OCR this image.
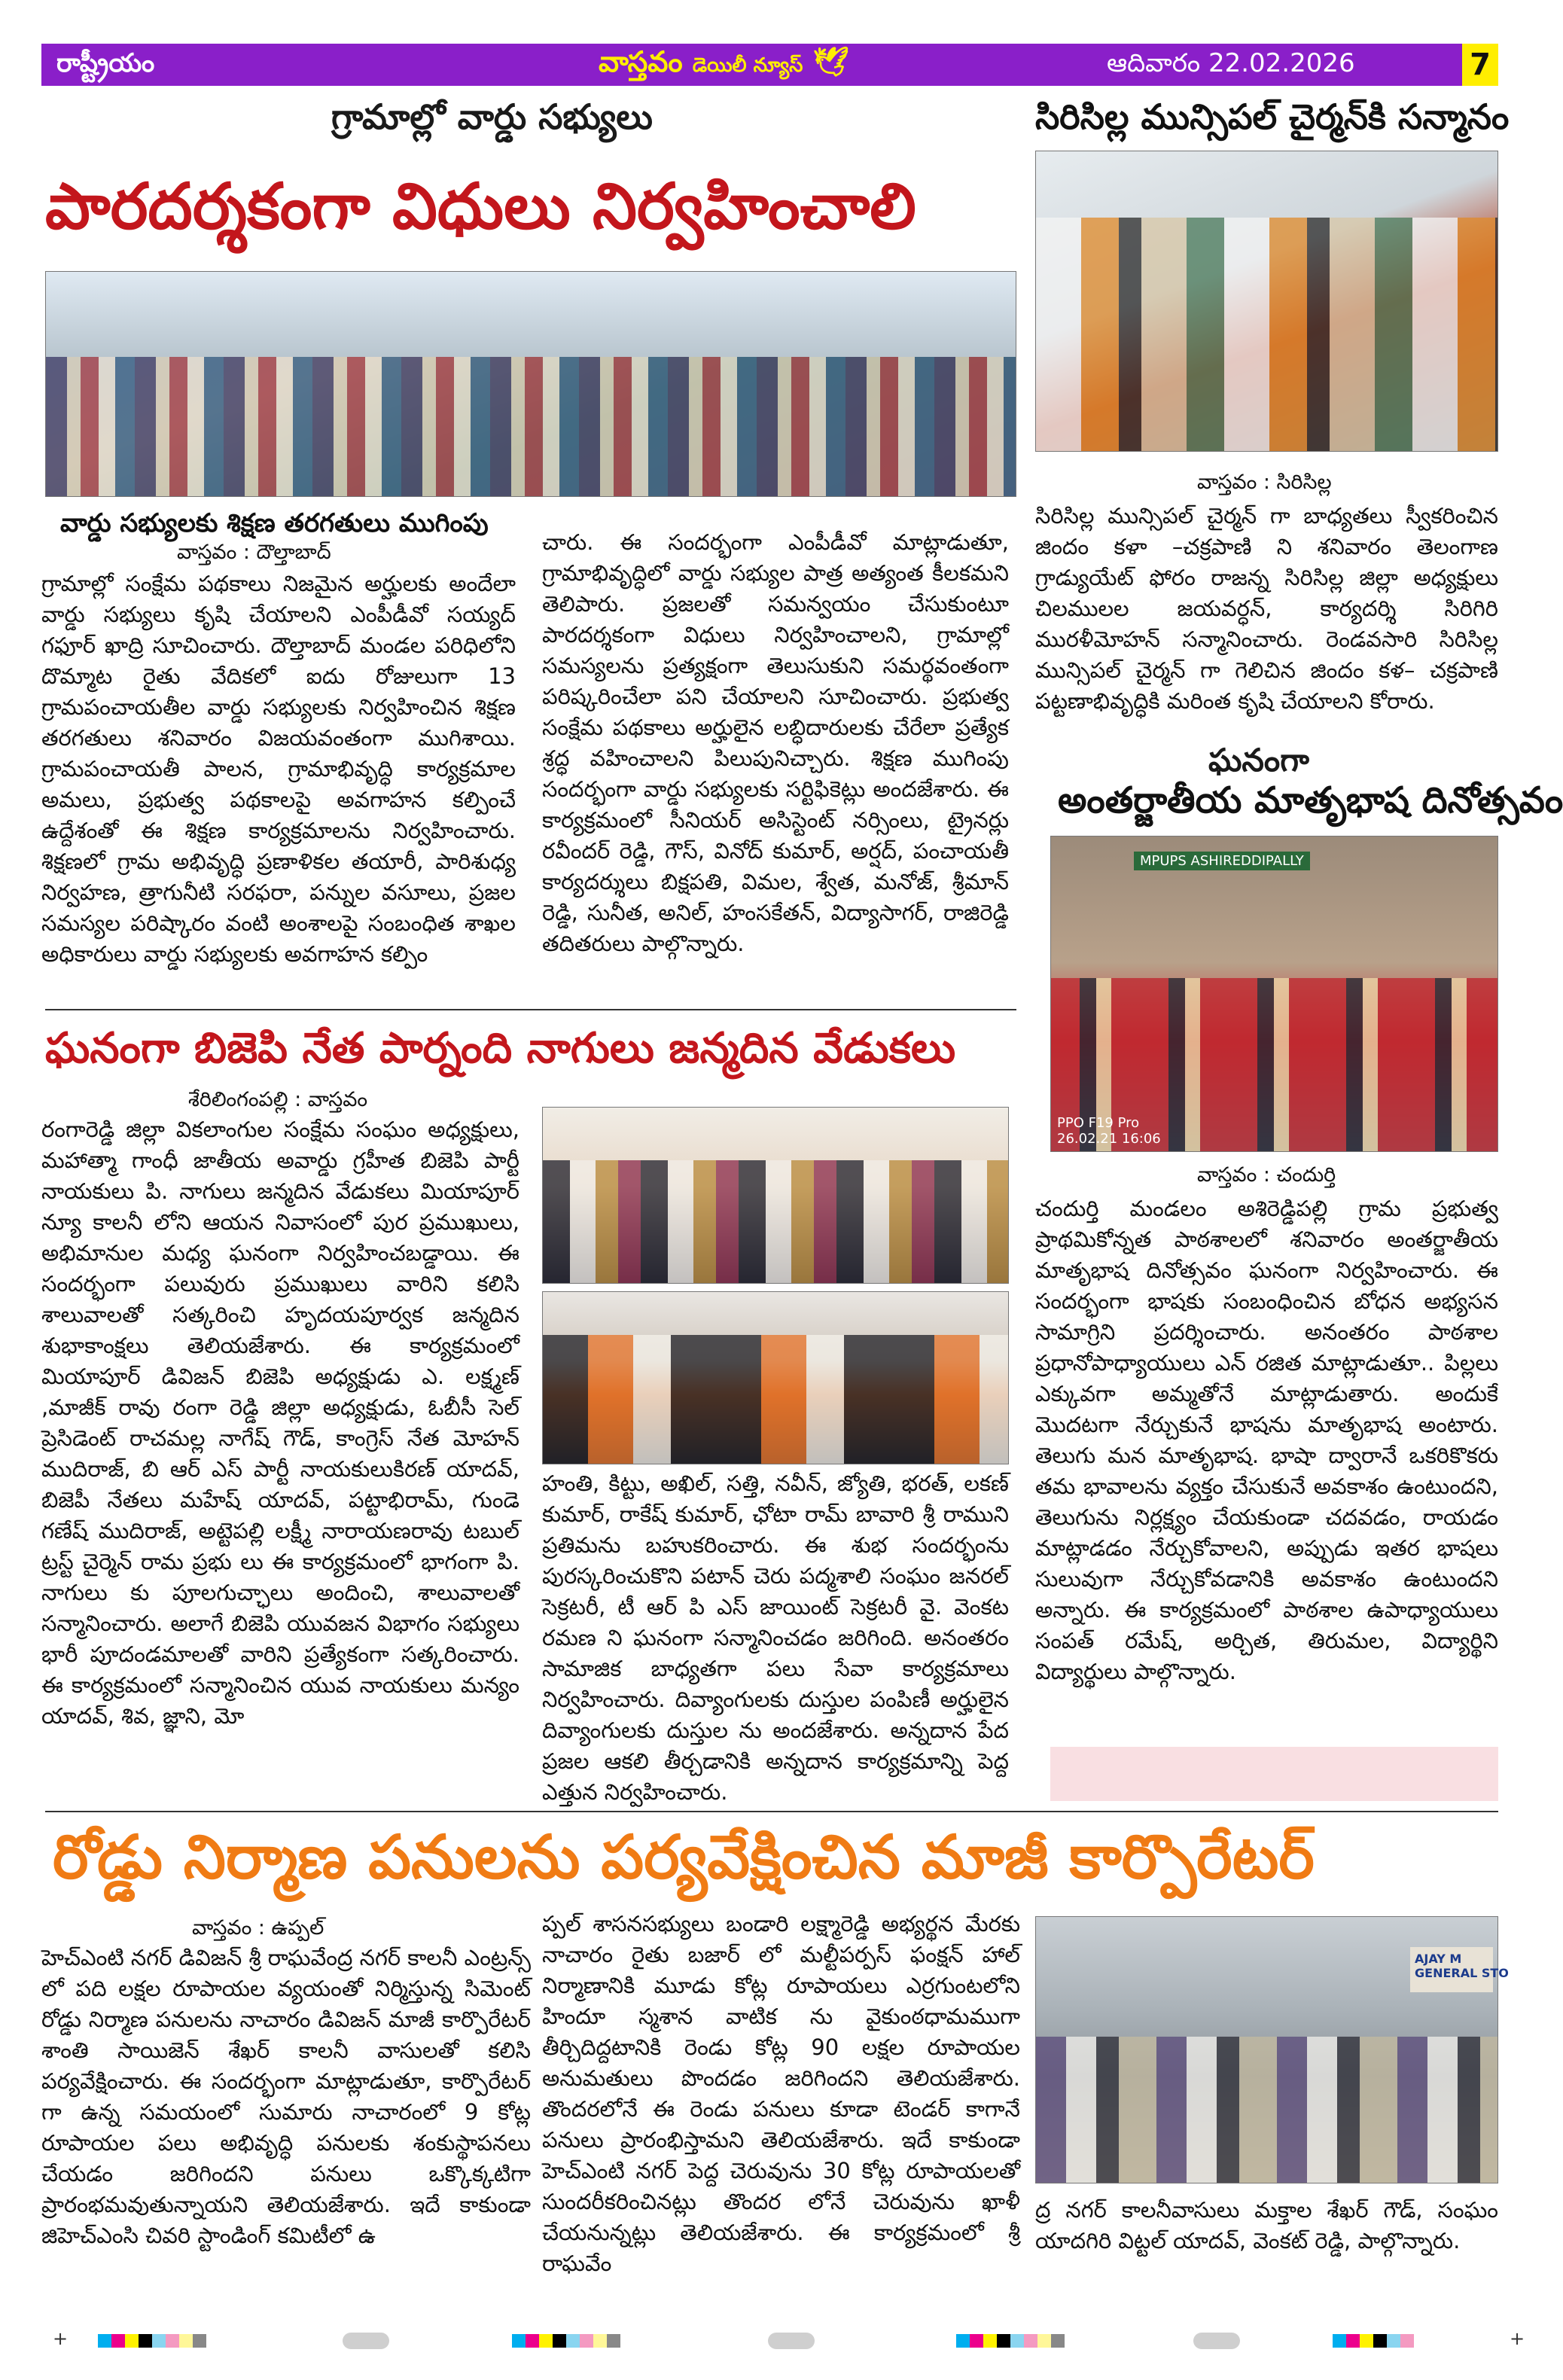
రాష్ట్రీయం	వాస్తవం డెయిలీ న్యూస్ 🕊	ఆదివారం 22.02.2026	7
గ్రామాల్లో వార్డు సభ్యులు
పారదర్శకంగా విధులు నిర్వహించాలి
వార్డు సభ్యులకు శిక్షణ తరగతులు ముగింపు
వాస్తవం : దౌల్తాబాద్
గ్రామాల్లో సంక్షేమ పథకాలు నిజమైన అర్హులకు అందేలా వార్డు సభ్యులు కృషి చేయాలని ఎంపీడీవో సయ్యద్ గఫూర్ ఖాద్రి సూచించారు. దౌల్తాబాద్ మండల పరిధిలోని దొమ్మాట రైతు వేదికలో ఐదు రోజులుగా 13 గ్రామపంచాయతీల వార్డు సభ్యులకు నిర్వహించిన శిక్షణ తరగతులు శనివారం విజయవంతంగా ముగిశాయి. గ్రామపంచాయతీ పాలన, గ్రామాభివృద్ధి కార్యక్రమాల అమలు, ప్రభుత్వ పథకాలపై అవగాహన కల్పించే ఉద్దేశంతో ఈ శిక్షణ కార్యక్రమాలను నిర్వహించారు. శిక్షణలో గ్రామ అభివృద్ధి ప్రణాళికల తయారీ, పారిశుధ్య నిర్వహణ, త్రాగునీటి సరఫరా, పన్నుల వసూలు, ప్రజల సమస్యల పరిష్కారం వంటి అంశాలపై సంబంధిత శాఖల అధికారులు వార్డు సభ్యులకు అవగాహన కల్పిం
చారు. ఈ సందర్భంగా ఎంపీడీవో మాట్లాడుతూ, గ్రామాభివృద్ధిలో వార్డు సభ్యుల పాత్ర అత్యంత కీలకమని తెలిపారు. ప్రజలతో సమన్వయం చేసుకుంటూ పారదర్శకంగా విధులు నిర్వహించాలని, గ్రామాల్లో సమస్యలను ప్రత్యక్షంగా తెలుసుకుని సమర్థవంతంగా పరిష్కరించేలా పని చేయాలని సూచించారు. ప్రభుత్వ సంక్షేమ పథకాలు అర్హులైన లబ్ధిదారులకు చేరేలా ప్రత్యేక శ్రద్ధ వహించాలని పిలుపునిచ్చారు. శిక్షణ ముగింపు సందర్భంగా వార్డు సభ్యులకు సర్టిఫికెట్లు అందజేశారు. ఈ కార్యక్రమంలో సీనియర్ అసిస్టెంట్ నర్సింలు, ట్రైనర్లు రవీందర్ రెడ్డి, గౌస్, వినోద్ కుమార్, అర్షద్, పంచాయతీ కార్యదర్శులు బిక్షపతి, విమల, శ్వేత, మనోజ్, శ్రీమాన్ రెడ్డి, సునీత, అనిల్, హంసకేతన్, విద్యాసాగర్, రాజిరెడ్డి తదితరులు పాల్గొన్నారు.
సిరిసిల్ల మున్సిపల్ చైర్మన్‌కి సన్మానం
వాస్తవం : సిరిసిల్ల
సిరిసిల్ల మున్సిపల్ చైర్మన్ గా బాధ్యతలు స్వీకరించిన జిందం కళా –చక్రపాణి ని శనివారం తెలంగాణ గ్రాడ్యుయేట్ ఫోరం రాజన్న సిరిసిల్ల జిల్లా అధ్యక్షులు చిలములల జయవర్ధన్, కార్యదర్శి సిరిగిరి మురళీమోహన్ సన్మానించారు. రెండవసారి సిరిసిల్ల మున్సిపల్ చైర్మన్ గా గెలిచిన జిందం కళ– చక్రపాణి పట్టణాభివృద్ధికి మరింత కృషి చేయాలని కోరారు.
ఘనంగా
అంతర్జాతీయ మాతృభాష దినోత్సవం
MPUPS ASHIREDDIPALLY
PPO F19 Pro
26.02.21 16:06
వాస్తవం : చందుర్తి
చందుర్తి మండలం అశిరెడ్డిపల్లి గ్రామ ప్రభుత్వ ప్రాథమికోన్నత పాఠశాలలో శనివారం అంతర్జాతీయ మాతృభాష దినోత్సవం ఘనంగా నిర్వహించారు. ఈ సందర్భంగా భాషకు సంబంధించిన బోధన అభ్యసన సామాగ్రిని ప్రదర్శించారు. అనంతరం పాఠశాల ప్రధానోపాధ్యాయులు ఎన్ రజిత మాట్లాడుతూ.. పిల్లలు ఎక్కువగా అమ్మతోనే మాట్లాడుతారు. అందుకే మొదటగా నేర్చుకునే భాషను మాతృభాష అంటారు. తెలుగు మన మాతృభాష. భాషా ద్వారానే ఒకరికొకరు తమ భావాలను వ్యక్తం చేసుకునే అవకాశం ఉంటుందని, తెలుగును నిర్లక్ష్యం చేయకుండా చదవడం, రాయడం మాట్లాడడం నేర్చుకోవాలని, అప్పుడు ఇతర భాషలు సులువుగా నేర్చుకోవడానికి అవకాశం ఉంటుందని అన్నారు. ఈ కార్యక్రమంలో పాఠశాల ఉపాధ్యాయులు సంపత్ రమేష్, అర్చిత, తిరుమల, విద్యార్థిని విద్యార్థులు పాల్గొన్నారు.
ఘనంగా బిజెపి నేత పార్నంది నాగులు జన్మదిన వేడుకలు
శేరిలింగంపల్లి : వాస్తవం
రంగారెడ్డి జిల్లా వికలాంగుల సంక్షేమ సంఘం అధ్యక్షులు, మహాత్మా గాంధీ జాతీయ అవార్డు గ్రహీత బిజెపి పార్టీ నాయకులు పి. నాగులు జన్మదిన వేడుకలు మియాపూర్ న్యూ కాలనీ లోని ఆయన నివాసంలో పుర ప్రముఖులు, అభిమానుల మధ్య ఘనంగా నిర్వహించబడ్డాయి. ఈ సందర్భంగా పలువురు ప్రముఖులు వారిని కలిసి శాలువాలతో సత్కరించి హృదయపూర్వక జన్మదిన శుభాకాంక్షలు తెలియజేశారు. ఈ కార్యక్రమంలో మియాపూర్ డివిజన్ బిజెపి అధ్యక్షుడు ఎ. లక్ష్మణ్ ,మాజీక్ రావు రంగా రెడ్డి జిల్లా అధ్యక్షుడు, ఓబీసీ సెల్ ప్రెసిడెంట్ రాచమల్ల నాగేష్ గౌడ్, కాంగ్రెస్ నేత మోహన్ ముదిరాజ్, బి ఆర్ ఎస్ పార్టీ నాయకులుకిరణ్ యాదవ్, బిజెపీ నేతలు మహేష్ యాదవ్, పట్టాభిరామ్, గుండె గణేష్ ముదిరాజ్, అట్టెపల్లి లక్ష్మీ నారాయణరావు టబుల్ ట్రస్ట్ చైర్మెన్ రామ ప్రభు లు ఈ కార్యక్రమంలో భాగంగా పి. నాగులు కు పూలగుచ్ఛాలు అందించి, శాలువాలతో సన్మానించారు. అలాగే బిజెపి యువజన విభాగం సభ్యులు భారీ పూదండమాలతో వారిని ప్రత్యేకంగా సత్కరించారు. ఈ కార్యక్రమంలో సన్మానించిన యువ నాయకులు మన్యం యాదవ్, శివ, జ్ఞాని, మో
హంతి, కిట్టు, అఖిల్, సత్తి, నవీన్, జ్యోతి, భరత్, లకణ్ కుమార్, రాకేష్ కుమార్, ఛోటా రామ్ బావారి శ్రీ రాముని ప్రతిమను బహుకరించారు. ఈ శుభ సందర్భంను పురస్కరించుకొని పటాన్ చెరు పద్మశాలి సంఘం జనరల్ సెక్రటరీ, టీ ఆర్ పి ఎస్ జాయింట్ సెక్రటరీ వై. వెంకట రమణ ని ఘనంగా సన్మానించడం జరిగింది. అనంతరం సామాజిక బాధ్యతగా పలు సేవా కార్యక్రమాలు నిర్వహించారు. దివ్యాంగులకు దుస్తుల పంపిణీ అర్హులైన దివ్యాంగులకు దుస్తుల ను అందజేశారు. అన్నదాన పేద ప్రజల ఆకలి తీర్చడానికి అన్నదాన కార్యక్రమాన్ని పెద్ద ఎత్తున నిర్వహించారు.
రోడ్డు నిర్మాణ పనులను పర్యవేక్షించిన మాజీ కార్పొరేటర్
వాస్తవం : ఉప్పల్
హెచ్ఎంటి నగర్ డివిజన్ శ్రీ రాఘవేంద్ర నగర్ కాలనీ ఎంట్రన్స్ లో పది లక్షల రూపాయల వ్యయంతో నిర్మిస్తున్న సిమెంట్ రోడ్డు నిర్మాణ పనులను నాచారం డివిజన్ మాజీ కార్పొరేటర్ శాంతి సాయిజెన్ శేఖర్ కాలనీ వాసులతో కలిసి పర్యవేక్షించారు. ఈ సందర్భంగా మాట్లాడుతూ, కార్పొరేటర్ గా ఉన్న సమయంలో సుమారు నాచారంలో 9 కోట్ల రూపాయల పలు అభివృద్ధి పనులకు శంకుస్థాపనలు చేయడం జరిగిందని పనులు ఒక్కొక్కటిగా ప్రారంభమవుతున్నాయని తెలియజేశారు. ఇదే కాకుండా జిహెచ్ఎంసి చివరి స్టాండింగ్ కమిటీలో ఉ
ప్పల్ శాసనసభ్యులు బండారి లక్ష్మారెడ్డి అభ్యర్థన మేరకు నాచారం రైతు బజార్ లో మల్టీపర్పస్ ఫంక్షన్ హాల్ నిర్మాణానికి మూడు కోట్ల రూపాయలు ఎర్రగుంటలోని హిందూ స్మశాన వాటిక ను వైకుంఠధామముగా తీర్చిదిద్దటానికి రెండు కోట్ల 90 లక్షల రూపాయల అనుమతులు పొందడం జరిగిందని తెలియజేశారు. తొందరలోనే ఈ రెండు పనులు కూడా టెండర్ కాగానే పనులు ప్రారంభిస్తామని తెలియజేశారు. ఇదే కాకుండా హెచ్ఎంటి నగర్ పెద్ద చెరువును 30 కోట్ల రూపాయలతో సుందరీకరించినట్లు తొందర లోనే చెరువును ఖాళీ చేయనున్నట్లు తెలియజేశారు. ఈ కార్యక్రమంలో శ్రీ రాఘవేం
AJAY M
GENERAL STO
ద్ర నగర్ కాలనీవాసులు మక్తాల శేఖర్ గౌడ్, సంఘం యాదగిరి విట్టల్ యాదవ్, వెంకట్ రెడ్డి, పాల్గొన్నారు.
+	+
